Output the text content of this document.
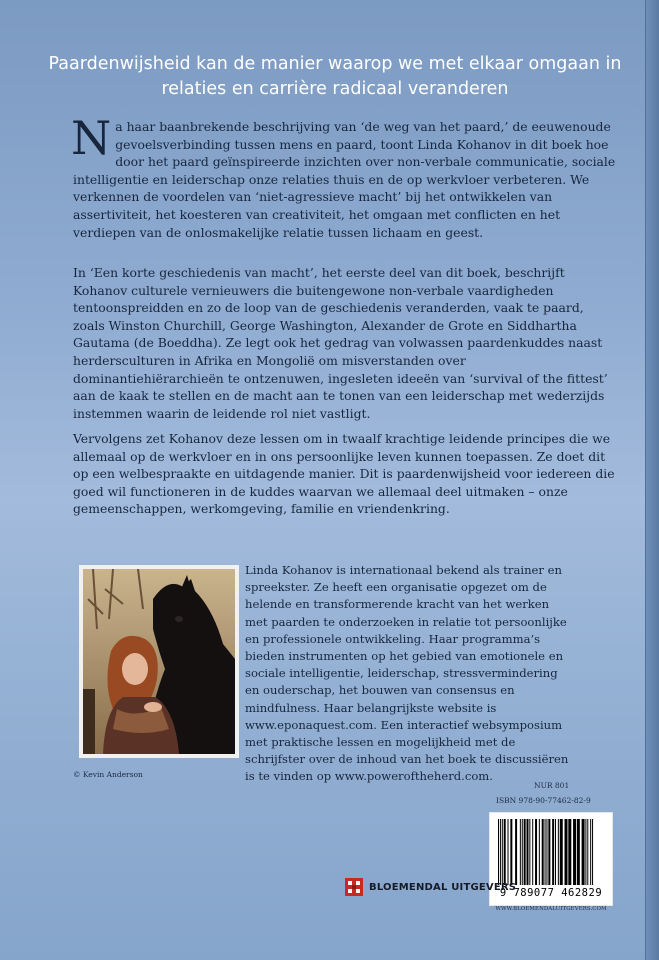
Paardenwijsheid kan de manier waarop we met elkaar omgaan in relaties en carrière radicaal veranderen

Na haar baanbrekende beschrijving van ‘de weg van het paard,’ de eeuwenoude gevoelsverbinding tussen mens en paard, toont Linda Kohanov in dit boek hoe door het paard geïnspireerde inzichten over non-verbale communicatie, sociale intelligentie en leiderschap onze relaties thuis en de op werkvloer verbeteren. We verkennen de voordelen van ‘niet-agressieve macht’ bij het ontwikkelen van assertiviteit, het koesteren van creativiteit, het omgaan met conflicten en het verdiepen van de onlosmakelijke relatie tussen lichaam en geest.

In ‘Een korte geschiedenis van macht’, het eerste deel van dit boek, beschrijft Kohanov culturele vernieuwers die buitengewone non-verbale vaardigheden tentoonspreidden en zo de loop van de geschiedenis veranderden, vaak te paard, zoals Winston Churchill, George Washington, Alexander de Grote en Siddhartha Gautama (de Boeddha). Ze legt ook het gedrag van volwassen paardenkuddes naast herdersculturen in Afrika en Mongolië om misverstanden over dominantiehiërarchieën te ontzenuwen, ingesleten ideeën van ‘survival of the fittest’ aan de kaak te stellen en de macht aan te tonen van een leiderschap met wederzijds instemmen waarin de leidende rol niet vastligt.

Vervolgens zet Kohanov deze lessen om in twaalf krachtige leidende principes die we allemaal op de werkvloer en in ons persoonlijke leven kunnen toepassen. Ze doet dit op een welbespraakte en uitdagende manier. Dit is paardenwijsheid voor iedereen die goed wil functioneren in de kuddes waarvan we allemaal deel uitmaken – onze gemeenschappen, werkomgeving, familie en vriendenkring.

© Kevin Anderson

Linda Kohanov is internationaal bekend als trainer en spreekster. Ze heeft een organisatie opgezet om de helende en transformerende kracht van het werken met paarden te onderzoeken in relatie tot persoonlijke en professionele ontwikkeling. Haar programma’s bieden instrumenten op het gebied van emotionele en sociale intelligentie, leiderschap, stressvermindering en ouderschap, het bouwen van consensus en mindfulness. Haar belangrijkste website is www.eponaquest.com. Een interactief websymposium met praktische lessen en mogelijkheid met de schrijfster over de inhoud van het boek te discussiëren is te vinden op www.poweroftheherd.com.

NUR 801
ISBN 978-90-77462-82-9
9 789077 462829
WWW.BLOEMENDALUITGEVERS.COM
BLOEMENDAL UITGEVERS
